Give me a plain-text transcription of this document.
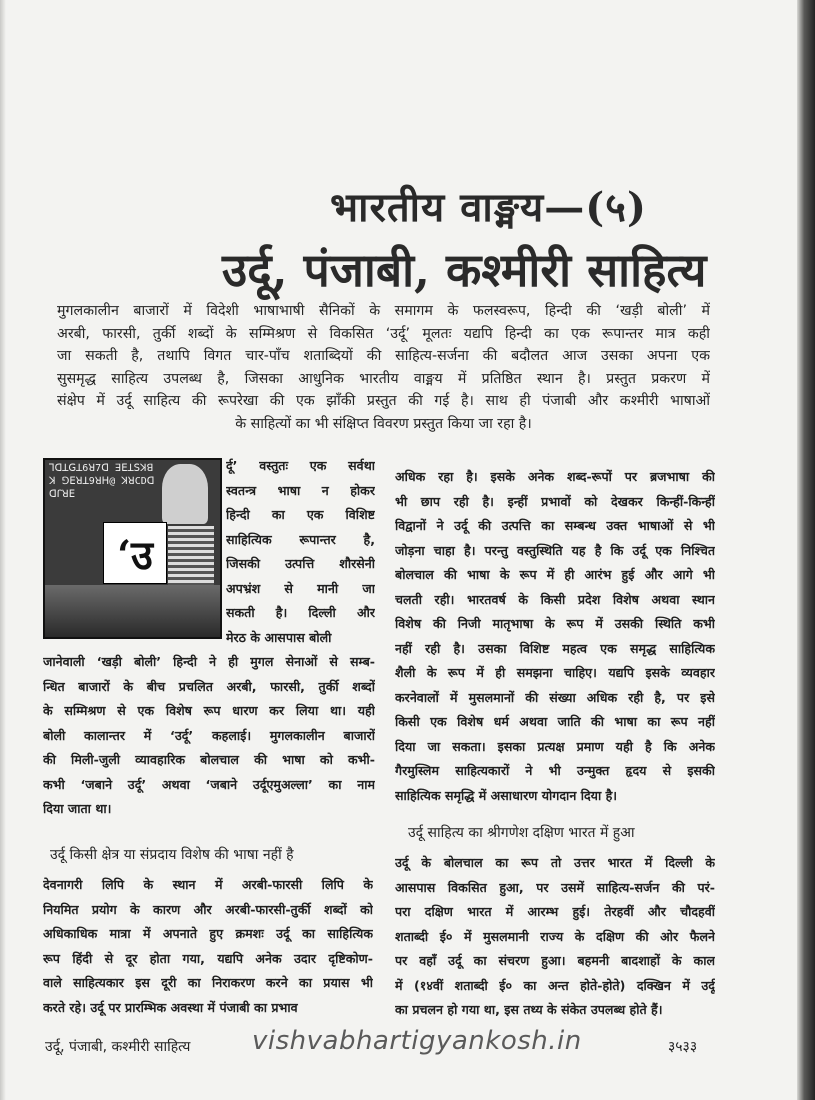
भारतीय वाङ्मय—(५)
उर्दू, पंजाबी, कश्मीरी साहित्य
मुगलकालीन बाजारों में विदेशी भाषाभाषी सैनिकों के समागम के फलस्वरूप, हिन्दी की ‘खड़ी बोली’ में
अरबी, फारसी, तुर्की शब्दों के सम्मिश्रण से विकसित ‘उर्दू’ मूलतः यद्यपि हिन्दी का एक रूपान्तर मात्र कही
जा सकती है, तथापि विगत चार-पाँच शताब्दियों की साहित्य-सर्जना की बदौलत आज उसका अपना एक
सुसमृद्ध साहित्य उपलब्ध है, जिसका आधुनिक भारतीय वाङ्मय में प्रतिष्ठित स्थान है। प्रस्तुत प्रकरण में
संक्षेप में उर्दू साहित्य की रूपरेखा की एक झाँकी प्रस्तुत की गई है। साथ ही पंजाबी और कश्मीरी भाषाओं
के साहित्यों का भी संक्षिप्त विवरण प्रस्तुत किया जा रहा है।
‘उ
ꓶꓷꓕꓖꓕ6ꓤ7ꓷ ꓱꓰꓕꓢꓘꓭꓘ ꓨꓰꓤꓕ9ꓤꓧ@ ꓘꓤCDꓷ ꓷꓩꓤꓰ
र्दू’ वस्तुतः एक सर्वथा
स्वतन्त्र भाषा न होकर
हिन्दी का एक विशिष्ट
साहित्यिक रूपान्तर है,
जिसकी उत्पत्ति शौरसेनी
अपभ्रंश से मानी जा
सकती है। दिल्ली और
मेरठ के आसपास बोली
जानेवाली ‘खड़ी बोली’ हिन्दी ने ही मुगल सेनाओं से सम्ब-
न्धित बाजारों के बीच प्रचलित अरबी, फारसी, तुर्की शब्दों
के सम्मिश्रण से एक विशेष रूप धारण कर लिया था। यही
बोली कालान्तर में ‘उर्दू’ कहलाई। मुगलकालीन बाजारों
की मिली-जुली व्यावहारिक बोलचाल की भाषा को कभी-
कभी ‘जबाने उर्दू’ अथवा ‘जबाने उर्दूएमुअल्ला’ का नाम
दिया जाता था।
अधिक रहा है। इसके अनेक शब्द-रूपों पर ब्रजभाषा की
भी छाप रही है। इन्हीं प्रभावों को देखकर किन्हीं-किन्हीं
विद्वानों ने उर्दू की उत्पत्ति का सम्बन्ध उक्त भाषाओं से भी
जोड़ना चाहा है। परन्तु वस्तुस्थिति यह है कि उर्दू एक निश्चित
बोलचाल की भाषा के रूप में ही आरंभ हुई और आगे भी
चलती रही। भारतवर्ष के किसी प्रदेश विशेष अथवा स्थान
विशेष की निजी मातृभाषा के रूप में उसकी स्थिति कभी
नहीं रही है। उसका विशिष्ट महत्व एक समृद्ध साहित्यिक
शैली के रूप में ही समझना चाहिए। यद्यपि इसके व्यवहार
करनेवालों में मुसलमानों की संख्या अधिक रही है, पर इसे
किसी एक विशेष धर्म अथवा जाति की भाषा का रूप नहीं
दिया जा सकता। इसका प्रत्यक्ष प्रमाण यही है कि अनेक
गैरमुस्लिम साहित्यकारों ने भी उन्मुक्त हृदय से इसकी
साहित्यिक समृद्धि में असाधारण योगदान दिया है।
उर्दू साहित्य का श्रीगणेश दक्षिण भारत में हुआ
उर्दू किसी क्षेत्र या संप्रदाय विशेष की भाषा नहीं है
देवनागरी लिपि के स्थान में अरबी-फारसी लिपि के
नियमित प्रयोग के कारण और अरबी-फारसी-तुर्की शब्दों को
अधिकाधिक मात्रा में अपनाते हुए क्रमशः उर्दू का साहित्यिक
रूप हिंदी से दूर होता गया, यद्यपि अनेक उदार दृष्टिकोण-
वाले साहित्यकार इस दूरी का निराकरण करने का प्रयास भी
करते रहे। उर्दू पर प्रारम्भिक अवस्था में पंजाबी का प्रभाव
उर्दू के बोलचाल का रूप तो उत्तर भारत में दिल्ली के
आसपास विकसित हुआ, पर उसमें साहित्य-सर्जन की परं-
परा दक्षिण भारत में आरम्भ हुई। तेरहवीं और चौदहवीं
शताब्दी ई० में मुसलमानी राज्य के दक्षिण की ओर फैलने
पर वहाँ उर्दू का संचरण हुआ। बहमनी बादशाहों के काल
में (१४वीं शताब्दी ई० का अन्त होते-होते) दक्खिन में उर्दू
का प्रचलन हो गया था, इस तथ्य के संकेत उपलब्ध होते हैं।
उर्दू, पंजाबी, कश्मीरी साहित्य vishvabhartigyankosh.in	३५३३
